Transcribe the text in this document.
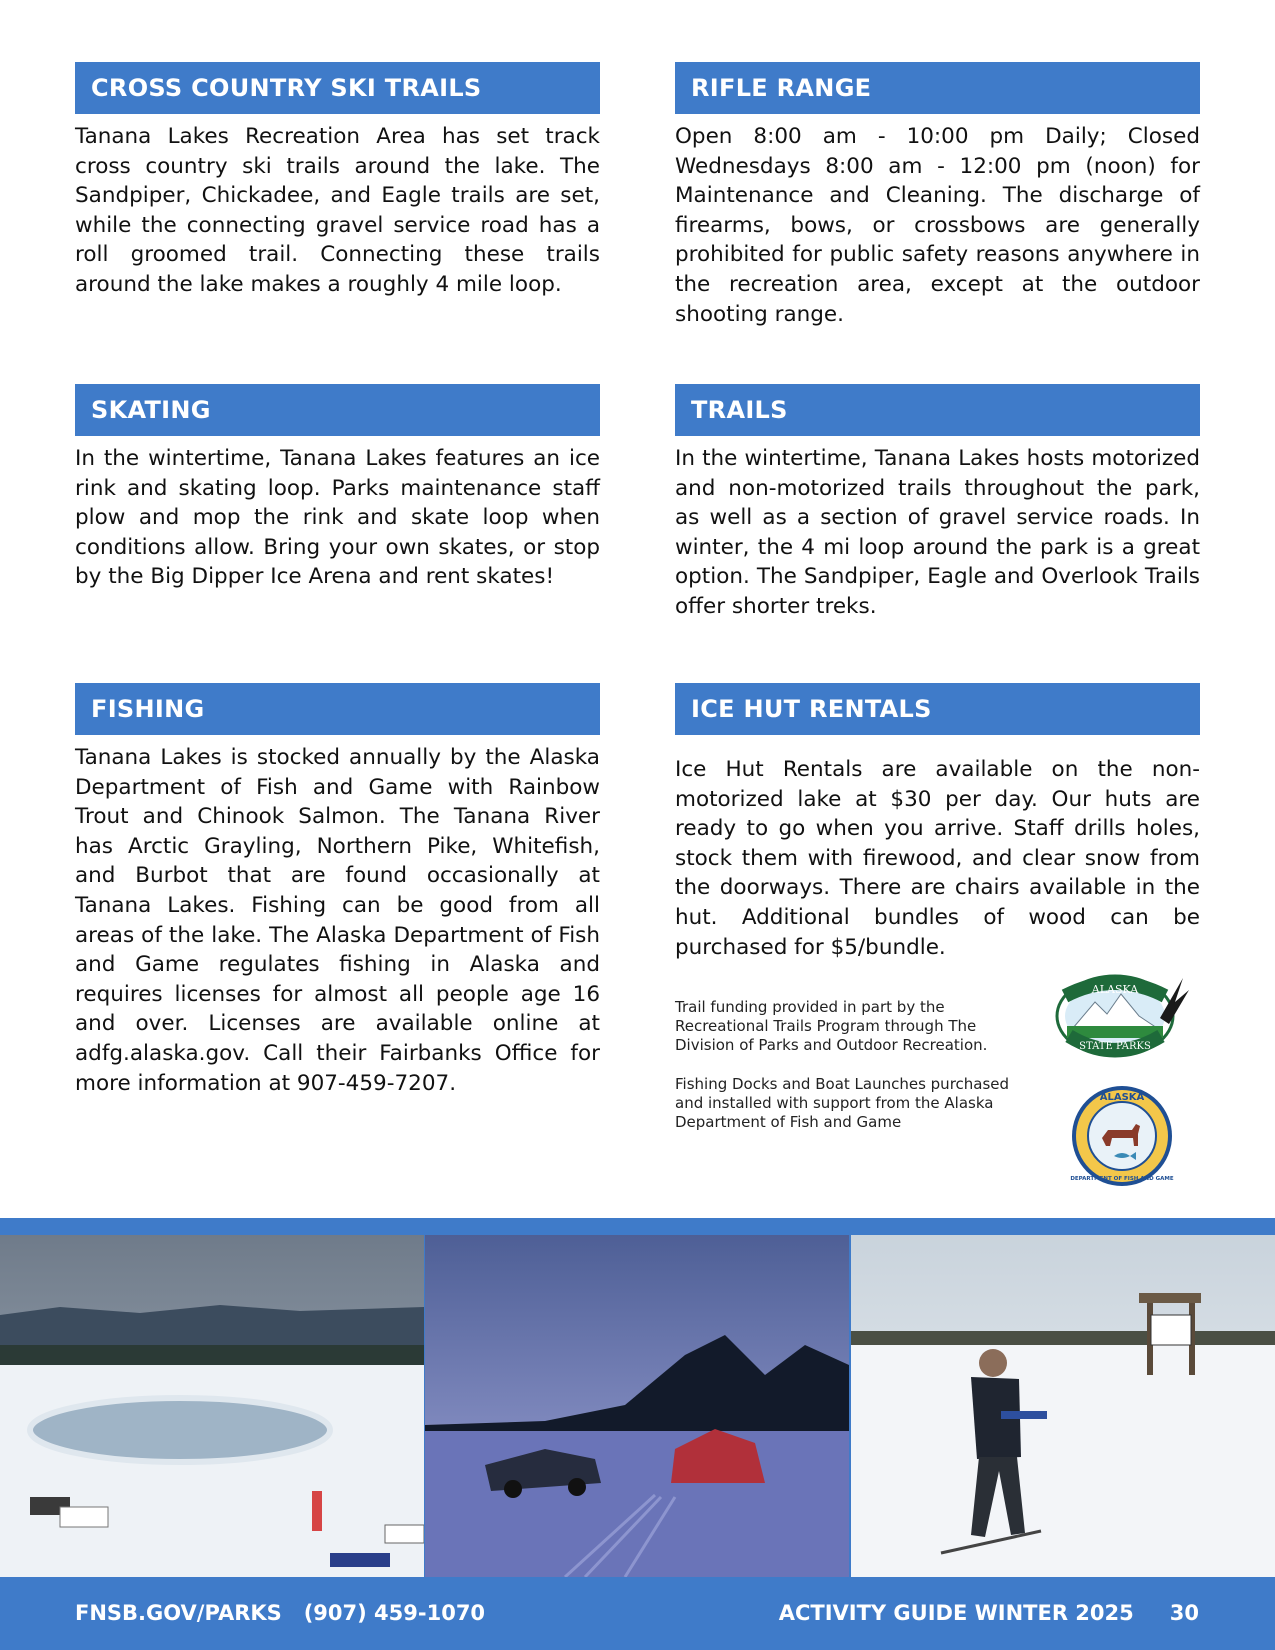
CROSS COUNTRY SKI TRAILS
Tanana Lakes Recreation Area has set track cross country ski trails around the lake. The Sandpiper, Chickadee, and Eagle trails are set, while the connecting gravel service road has a roll groomed trail. Connecting these trails around the lake makes a roughly 4 mile loop.
RIFLE RANGE
Open 8:00 am - 10:00 pm Daily; Closed Wednesdays 8:00 am - 12:00 pm (noon) for Maintenance and Cleaning. The discharge of firearms, bows, or crossbows are generally prohibited for public safety reasons anywhere in the recreation area, except at the outdoor shooting range.
SKATING
In the wintertime, Tanana Lakes features an ice rink and skating loop. Parks maintenance staff plow and mop the rink and skate loop when conditions allow. Bring your own skates, or stop by the Big Dipper Ice Arena and rent skates!
TRAILS
In the wintertime, Tanana Lakes hosts motorized and non-motorized trails throughout the park, as well as a section of gravel service roads. In winter, the 4 mi loop around the park is a great option. The Sandpiper, Eagle and Overlook Trails offer shorter treks.
FISHING
Tanana Lakes is stocked annually by the Alaska Department of Fish and Game with Rainbow Trout and Chinook Salmon. The Tanana River has Arctic Grayling, Northern Pike, Whitefish, and Burbot that are found occasionally at Tanana Lakes. Fishing can be good from all areas of the lake. The Alaska Department of Fish and Game regulates fishing in Alaska and requires licenses for almost all people age 16 and over. Licenses are available online at adfg.alaska.gov. Call their Fairbanks Office for more information at 907-459-7207.
ICE HUT RENTALS
Ice Hut Rentals are available on the non-motorized lake at $30 per day. Our huts are ready to go when you arrive. Staff drills holes, stock them with firewood, and clear snow from the doorways. There are chairs available in the hut. Additional bundles of wood can be purchased for $5/bundle.
Trail funding provided in part by the Recreational Trails Program through The Division of Parks and Outdoor Recreation.
Fishing Docks and Boat Launches purchased and installed with support from the Alaska Department of Fish and Game
ALASKA
STATE PARKS
ALASKA
DEPARTMENT OF FISH AND GAME
FNSB.GOV/PARKS (907) 459-1070	ACTIVITY GUIDE WINTER 2025 30
